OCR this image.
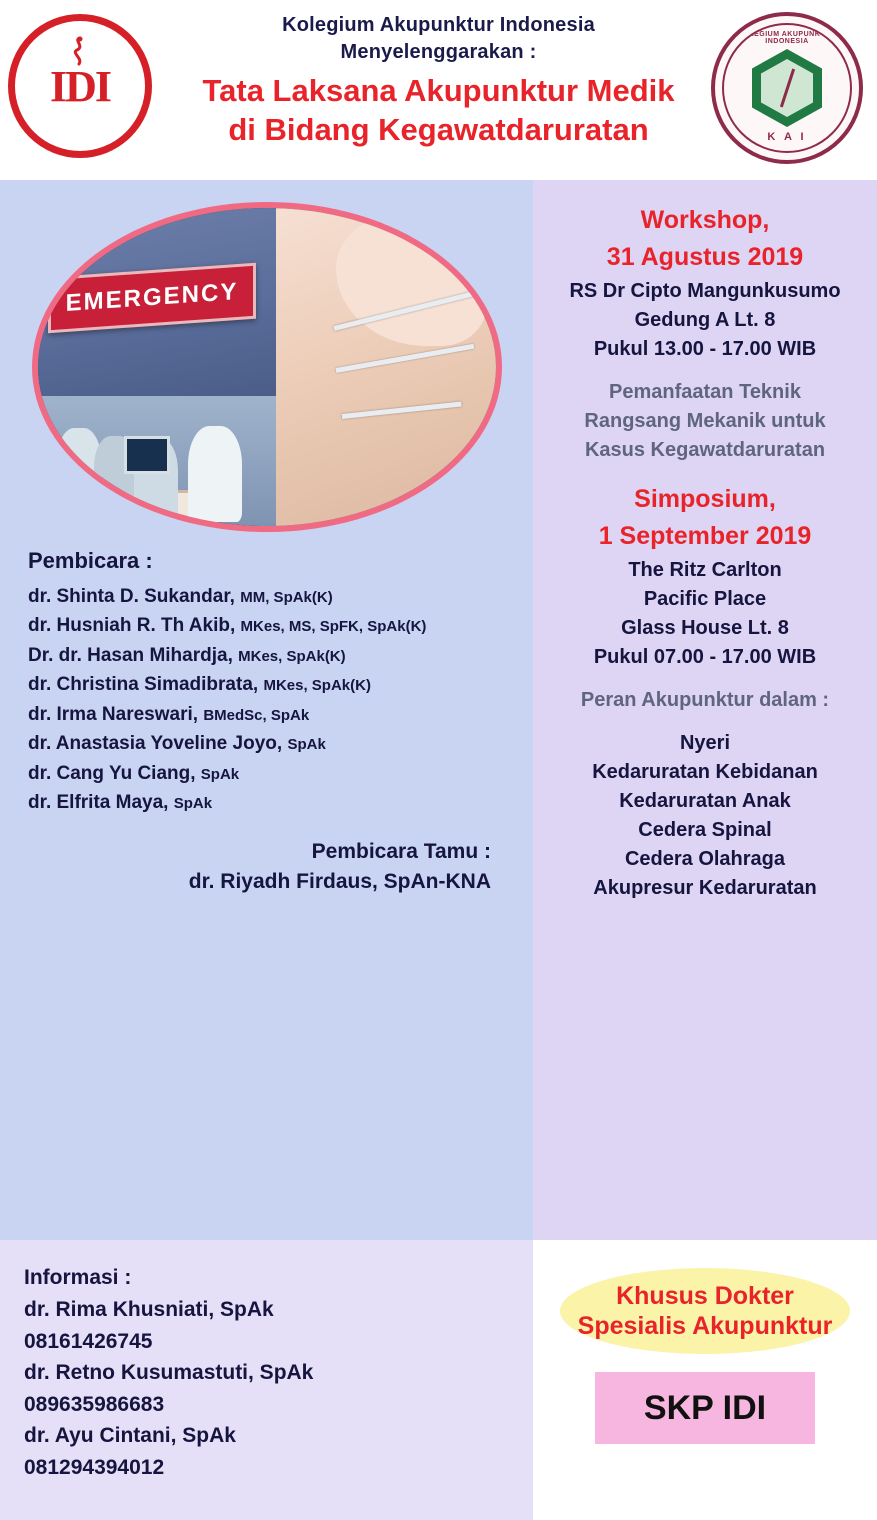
IDI
Kolegium Akupunktur Indonesia
Menyelenggarakan :
Tata Laksana Akupunktur Medik
di Bidang Kegawatdaruratan
KOLEGIUM AKUPUNKTUR INDONESIA
K A I
EMERGENCY
Pembicara :
dr. Shinta D. Sukandar, MM, SpAk(K)
dr. Husniah R. Th Akib, MKes, MS, SpFK, SpAk(K)
Dr. dr. Hasan Mihardja, MKes, SpAk(K)
dr. Christina Simadibrata, MKes, SpAk(K)
dr. Irma Nareswari, BMedSc, SpAk
dr. Anastasia Yoveline Joyo, SpAk
dr. Cang Yu Ciang, SpAk
dr. Elfrita Maya, SpAk
Pembicara Tamu :

dr. Riyadh Firdaus, SpAn-KNA

Workshop,
31 Agustus 2019
RS Dr Cipto Mangunkusumo
Gedung A Lt. 8
Pukul 13.00 - 17.00 WIB
Pemanfaatan Teknik
Rangsang Mekanik untuk
Kasus Kegawatdaruratan
Simposium,
1 September 2019
The Ritz Carlton
Pacific Place
Glass House Lt. 8
Pukul 07.00 - 17.00 WIB
Peran Akupunktur dalam :
Nyeri
Kedaruratan Kebidanan
Kedaruratan Anak
Cedera Spinal
Cedera Olahraga
Akupresur Kedaruratan
Informasi :
dr. Rima Khusniati, SpAk
08161426745
dr. Retno Kusumastuti, SpAk
089635986683
dr. Ayu Cintani, SpAk
081294394012
Khusus Dokter
Spesialis Akupunktur
SKP IDI
